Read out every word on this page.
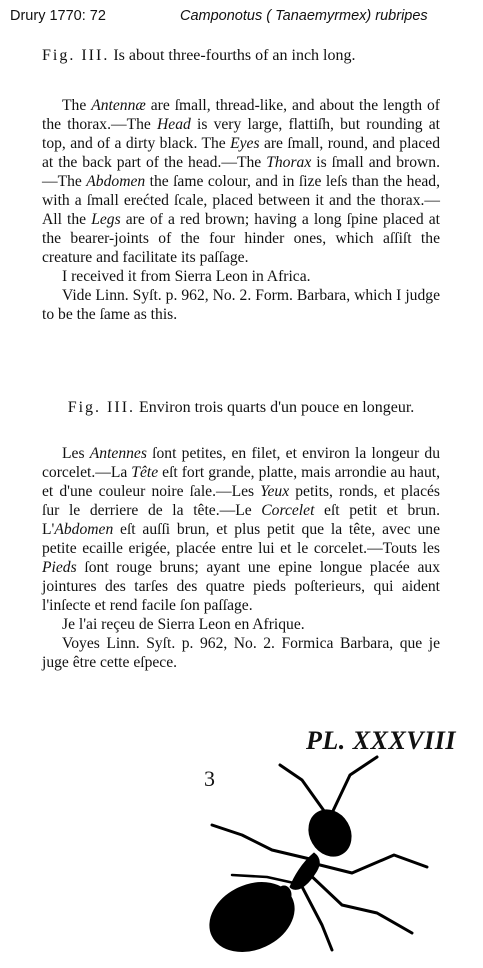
Drury 1770: 72	Camponotus ( Tanaemyrmex) rubripes

Fig. III. Is about three-fourths of an inch long.

The Antennæ are ſmall, thread-like, and about the length of the thorax.—The Head is very large, flattiſh, but rounding at top, and of a dirty black. The Eyes are ſmall, round, and placed at the back part of the head.—The Thorax is ſmall and brown.—The Abdomen the ſame colour, and in ſize leſs than the head, with a ſmall erećted ſcale, placed between it and the thorax.—All the Legs are of a red brown; having a long ſpine placed at the bearer-joints of the four hinder ones, which aſſiſt the creature and facilitate its paſſage.

I received it from Sierra Leon in Africa.

Vide Linn. Syſt. p. 962, No. 2. Form. Barbara, which I judge to be the ſame as this.

Fig. III. Environ trois quarts d'un pouce en longeur.

Les Antennes ſont petites, en filet, et environ la longeur du corcelet.—La Tête eſt fort grande, platte, mais arrondie au haut, et d'une couleur noire ſale.—Les Yeux petits, ronds, et placés ſur le derriere de la tête.—Le Corcelet eſt petit et brun. L'Abdomen eſt auſſi brun, et plus petit que la tête, avec une petite ecaille erigée, placée entre lui et le corcelet.—Touts les Pieds ſont rouge bruns; ayant une epine longue placée aux jointures des tarſes des quatre pieds poſterieurs, qui aident l'inſecte et rend facile ſon paſſage.

Je l'ai reçeu de Sierra Leon en Afrique.

Voyes Linn. Syſt. p. 962, No. 2. Formica Barbara, que je juge être cette eſpece.

PL. XXXVIII
3
